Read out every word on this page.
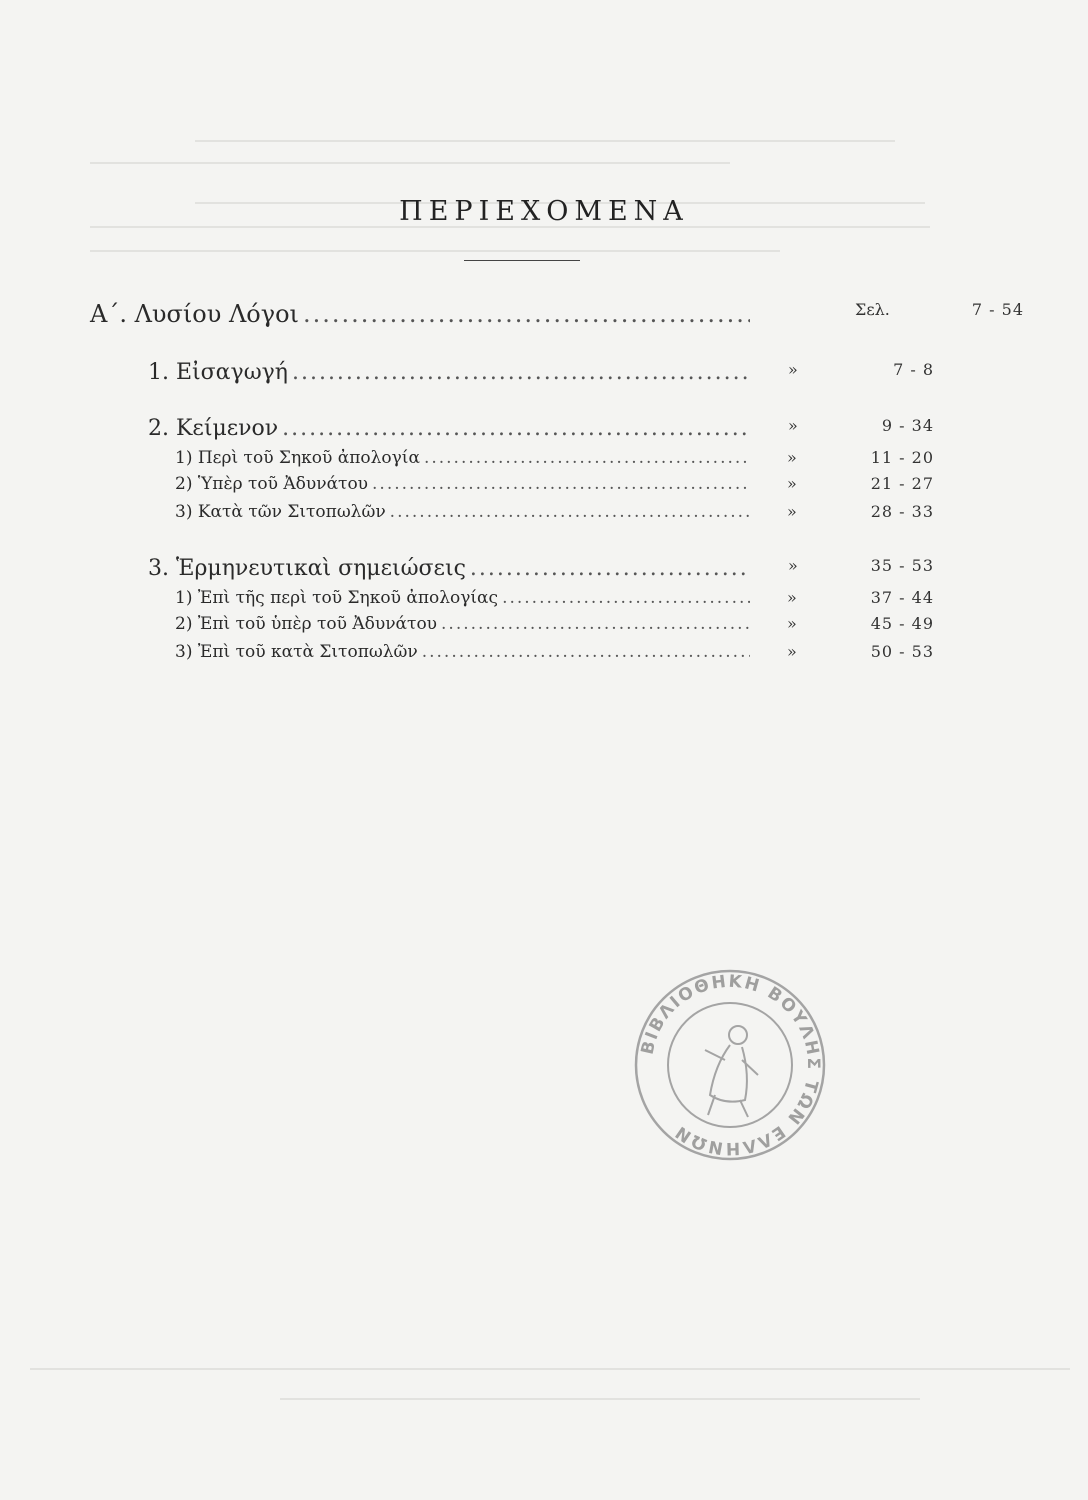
ΠΕΡΙΕΧΟΜΕΝΑ
Α΄. Λυσίου Λόγοι .....	Σελ.	7 - 54
1. Εἰσαγωγή .....	»	7 - 8
2. Κείμενον .....	»	9 - 34
1) Περὶ τοῦ Σηκοῦ ἀπολογία .....	»	11 - 20
2) Ὑπὲρ τοῦ Ἀδυνάτου .....	»	21 - 27
3) Κατὰ τῶν Σιτοπωλῶν .....	»	28 - 33
3. Ἑρμηνευτικαὶ σημειώσεις .....	»	35 - 53
1) Ἐπὶ τῆς περὶ τοῦ Σηκοῦ ἀπολογίας .....	»	37 - 44
2) Ἐπὶ τοῦ ὑπὲρ τοῦ Ἀδυνάτου .....	»	45 - 49
3) Ἐπὶ τοῦ κατὰ Σιτοπωλῶν .....	»	50 - 53
ΒΙΒΛΙΟΘΗΚΗ ΒΟΥΛΗΣ ΤΩΝ ΕΛΛΗΝΩΝ
